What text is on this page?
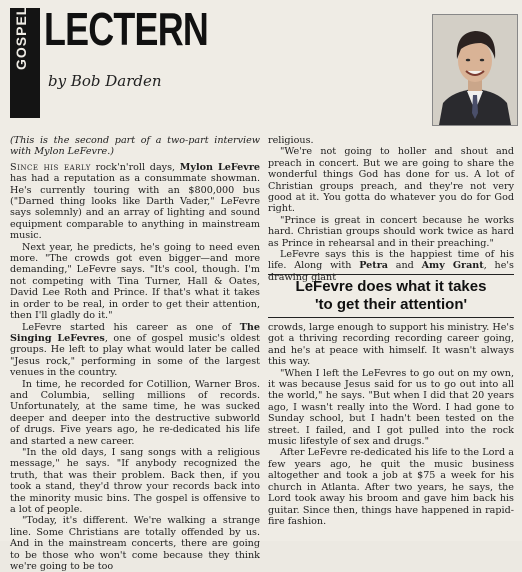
GOSPEL LECTERN
by Bob Darden

(This is the second part of a two-part interview with Mylon LeFevre.)

Since his early rock'n'roll days, Mylon LeFevre has had a reputation as a consummate showman. He's currently touring with an $800,000 bus ("Darned thing looks like Darth Vader," LeFevre says solemnly) and an array of lighting and sound equipment comparable to anything in mainstream music.

Next year, he predicts, he's going to need even more. "The crowds got even bigger—and more demanding," LeFevre says. "It's cool, though. I'm not competing with Tina Turner, Hall & Oates, David Lee Roth and Prince. If that's what it takes in order to be real, in order to get their attention, then I'll gladly do it."

LeFevre started his career as one of The Singing LeFevres, one of gospel music's oldest groups. He left to play what would later be called "Jesus rock," performing in some of the largest venues in the country.

In time, he recorded for Cotillion, Warner Bros. and Columbia, selling millions of records. Unfortunately, at the same time, he was sucked deeper and deeper into the destructive subworld of drugs. Five years ago, he re-dedicated his life and started a new career.

"In the old days, I sang songs with a religious message," he says. "If anybody recognized the truth, that was their problem. Back then, if you took a stand, they'd throw your records back into the minority music bins. The gospel is offensive to a lot of people.

"Today, it's different. We're walking a strange line. Some Christians are totally offended by us. And in the mainstream concerts, there are going to be those who won't come because they think we're going to be too

religious.

"We're not going to holler and shout and preach in concert. But we are going to share the wonderful things God has done for us. A lot of Christian groups preach, and they're not very good at it. You gotta do whatever you do for God right.

"Prince is great in concert because he works hard. Christian groups should work twice as hard as Prince in rehearsal and in their preaching."

LeFevre says this is the happiest time of his life. Along with Petra and Amy Grant, he's drawing giant

LeFevre does what it takes
'to get their attention'

crowds, large enough to support his ministry. He's got a thriving recording recording career going, and he's at peace with himself. It wasn't always this way.

"When I left the LeFevres to go out on my own, it was because Jesus said for us to go out into all the world," he says. "But when I did that 20 years ago, I wasn't really into the Word. I had gone to Sunday school, but I hadn't been tested on the street. I failed, and I got pulled into the rock music lifestyle of sex and drugs."

After LeFevre re-dedicated his life to the Lord a few years ago, he quit the music business altogether and took a job at $75 a week for his church in Atlanta. After two years, he says, the Lord took away his broom and gave him back his guitar. Since then, things have happened in rapid-fire fashion.
